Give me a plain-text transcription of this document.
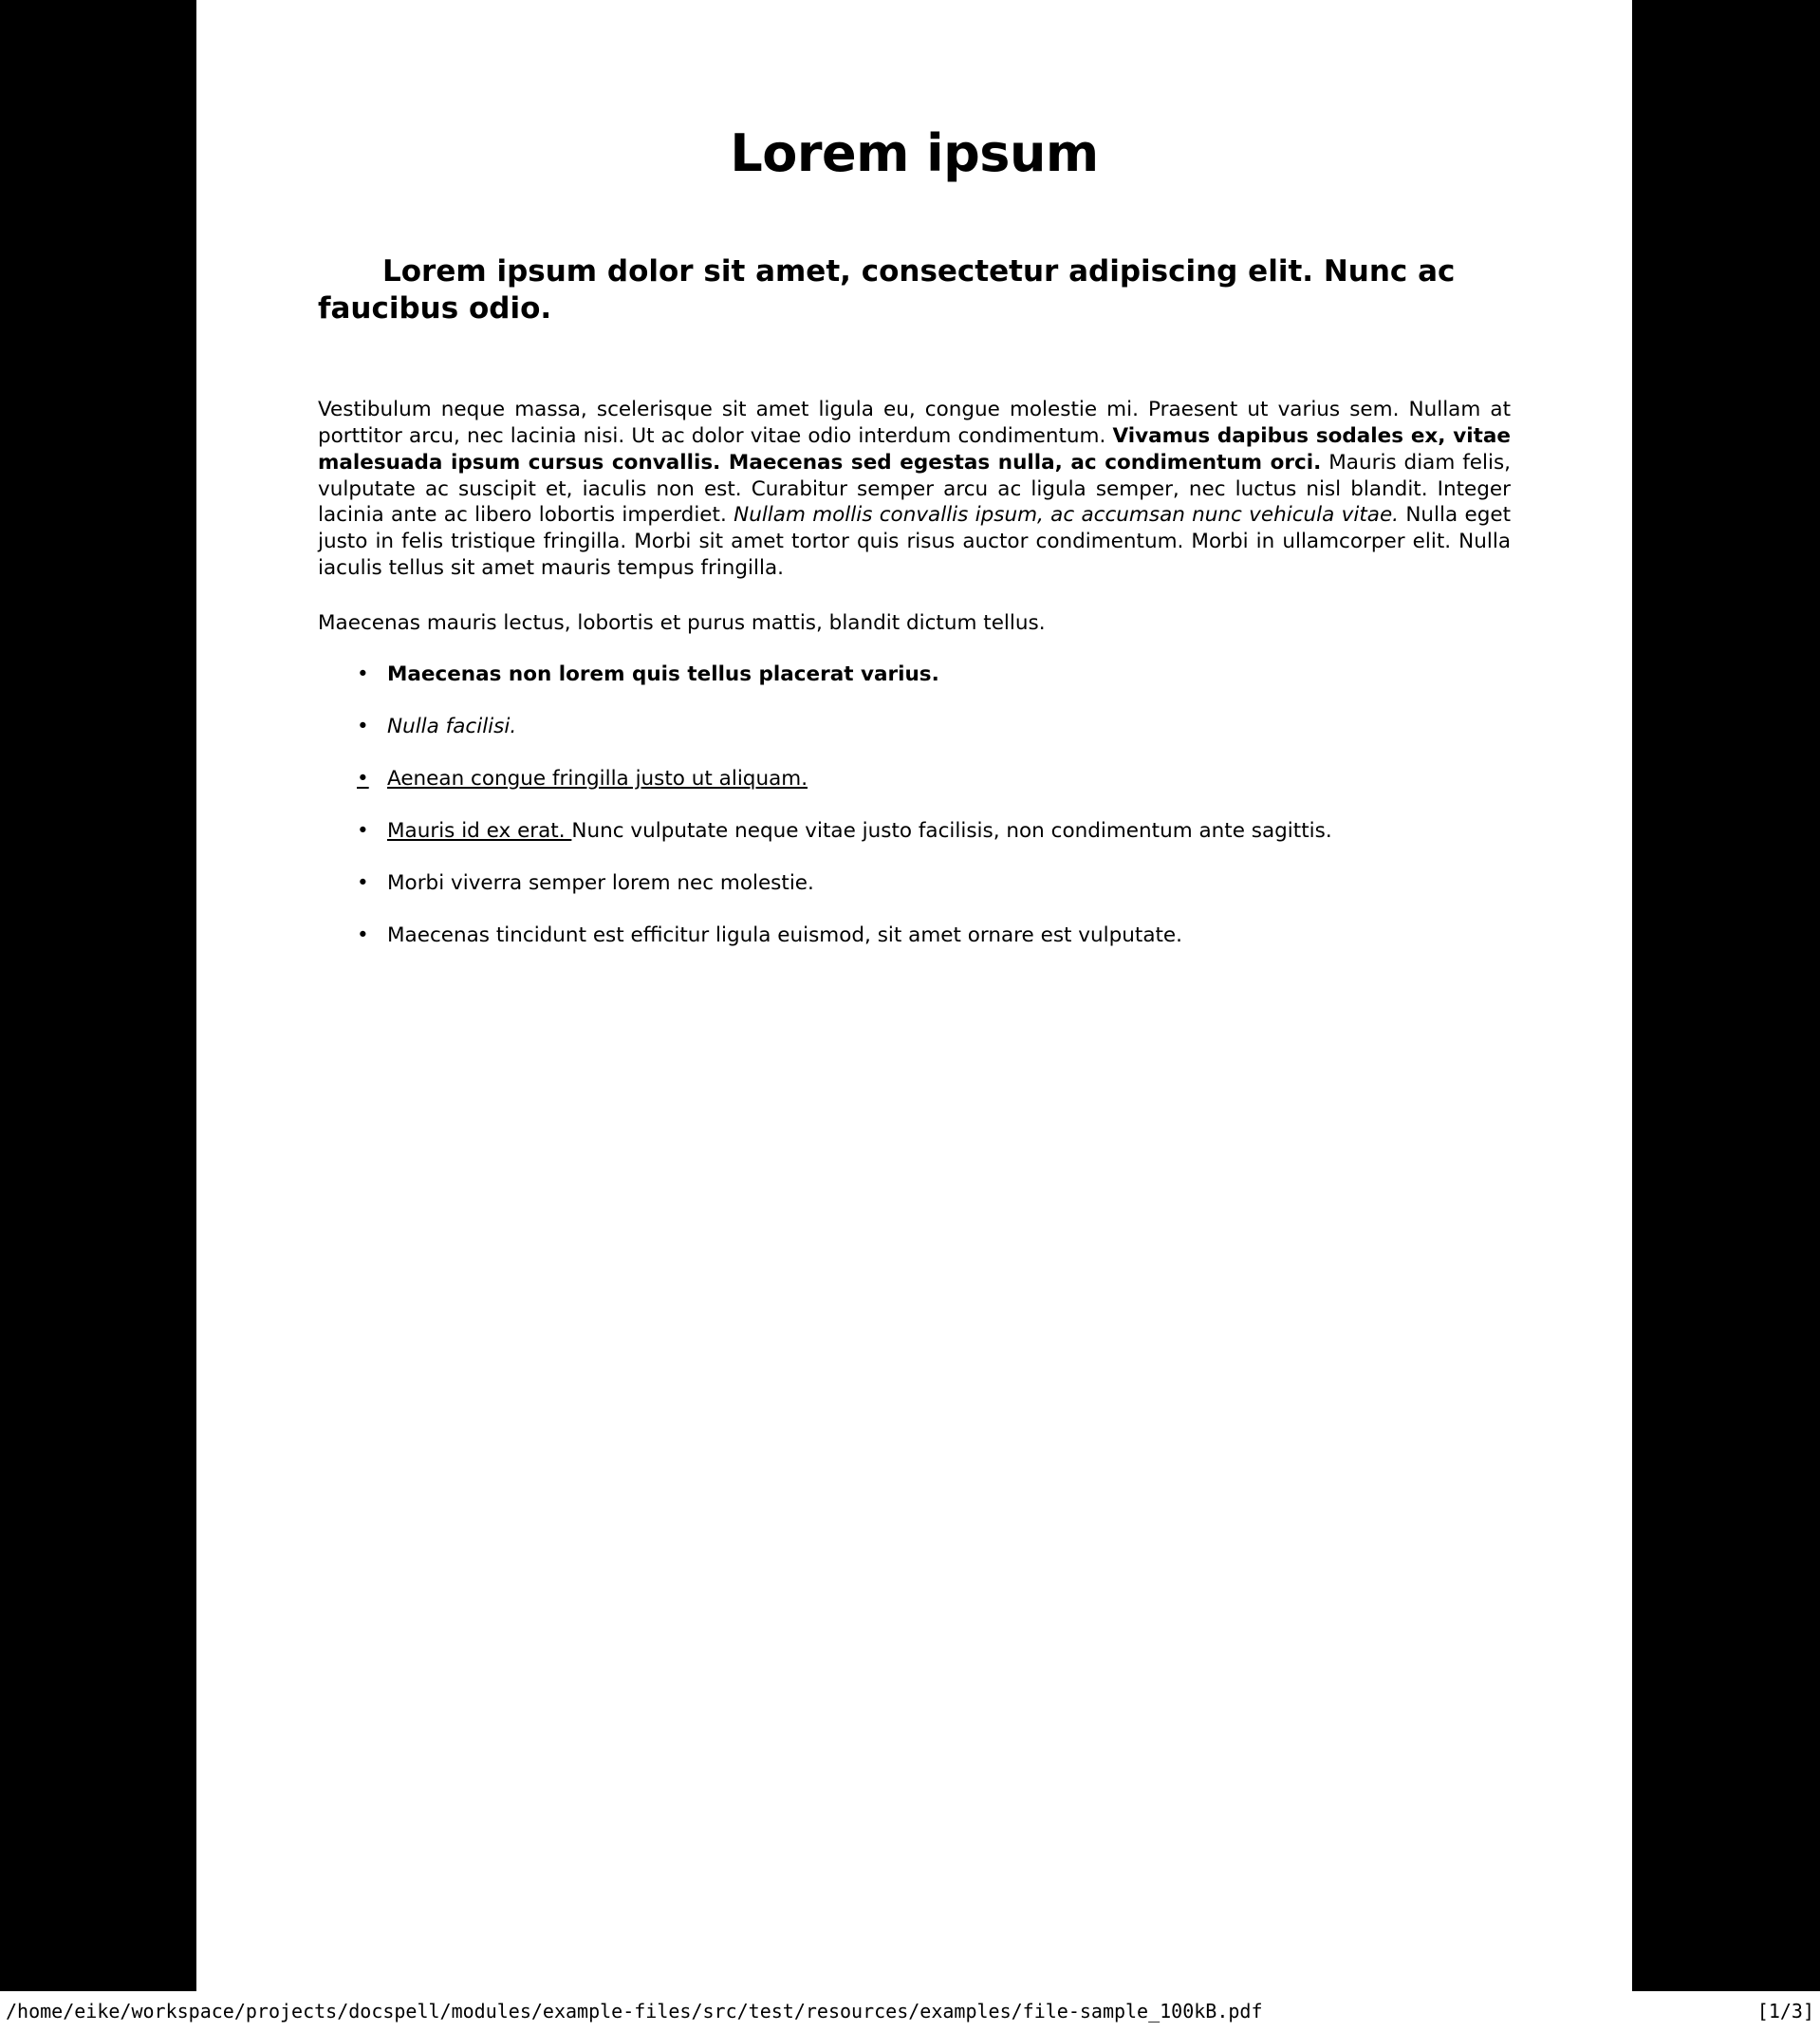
Lorem ipsum
Lorem ipsum dolor sit amet, consectetur adipiscing elit. Nunc ac faucibus odio.

Vestibulum neque massa, scelerisque sit amet ligula eu, congue molestie mi. Praesent ut varius sem. Nullam at porttitor arcu, nec lacinia nisi. Ut ac dolor vitae odio interdum condimentum. Vivamus dapibus sodales ex, vitae malesuada ipsum cursus convallis. Maecenas sed egestas nulla, ac condimentum orci. Mauris diam felis, vulputate ac suscipit et, iaculis non est. Curabitur semper arcu ac ligula semper, nec luctus nisl blandit. Integer lacinia ante ac libero lobortis imperdiet. Nullam mollis convallis ipsum, ac accumsan nunc vehicula vitae. Nulla eget justo in felis tristique fringilla. Morbi sit amet tortor quis risus auctor condimentum. Morbi in ullamcorper elit. Nulla iaculis tellus sit amet mauris tempus fringilla.

Maecenas mauris lectus, lobortis et purus mattis, blandit dictum tellus.

• Maecenas non lorem quis tellus placerat varius.
• Nulla facilisi.
• Aenean congue fringilla justo ut aliquam.
• Mauris id ex erat. Nunc vulputate neque vitae justo facilisis, non condimentum ante sagittis.
• Morbi viverra semper lorem nec molestie.
• Maecenas tincidunt est efficitur ligula euismod, sit amet ornare est vulputate.
/home/eike/workspace/projects/docspell/modules/example-files/src/test/resources/examples/file-sample_100kB.pdf	[1/3]
